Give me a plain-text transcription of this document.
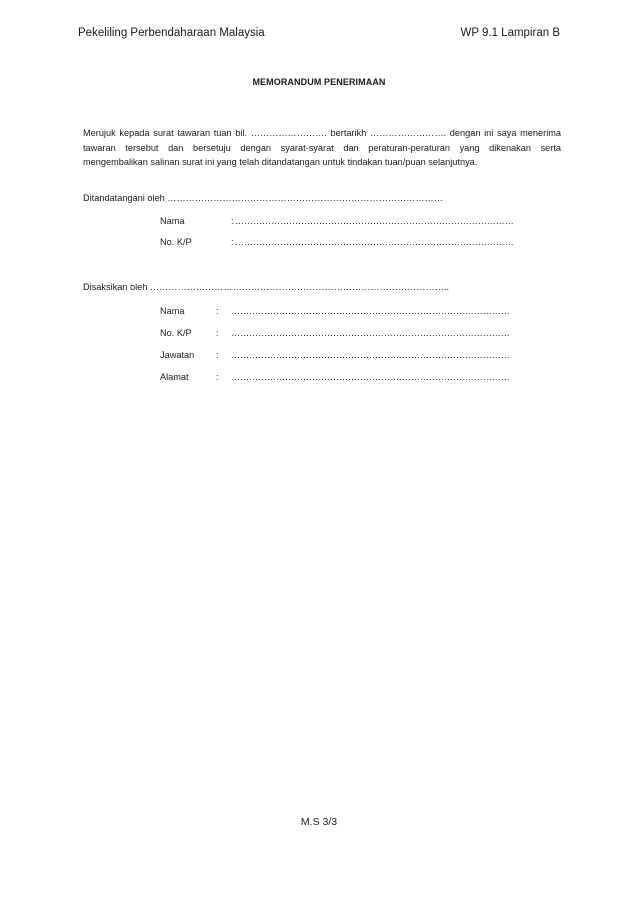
Pekeliling Perbendaharaan Malaysia	WP 9.1 Lampiran B
MEMORANDUM PENERIMAAN
Merujuk kepada surat tawaran tuan bil. ……………………. bertarikh ……………………. dengan ini saya menerima
tawaran tersebut dan bersetuju dengan syarat-syarat dan peraturan-peraturan yang dikenakan serta
mengembalikan salinan surat ini yang telah ditandatangan untuk tindakan tuan/puan selanjutnya.
Ditandatangani oleh ………………………………………………………………………………
Nama	: …………………………………………………………………………………
No. K/P	: …………………………………………………………………………………
Disaksikan oleh ……………………………………………………………………………………..
Nama	: …………………………………………………………………………………
No. K/P	: …………………………………………………………………………………
Jawatan : …………………………………………………………………………………
Alamat	: …………………………………………………………………………………
M.S 3/3
